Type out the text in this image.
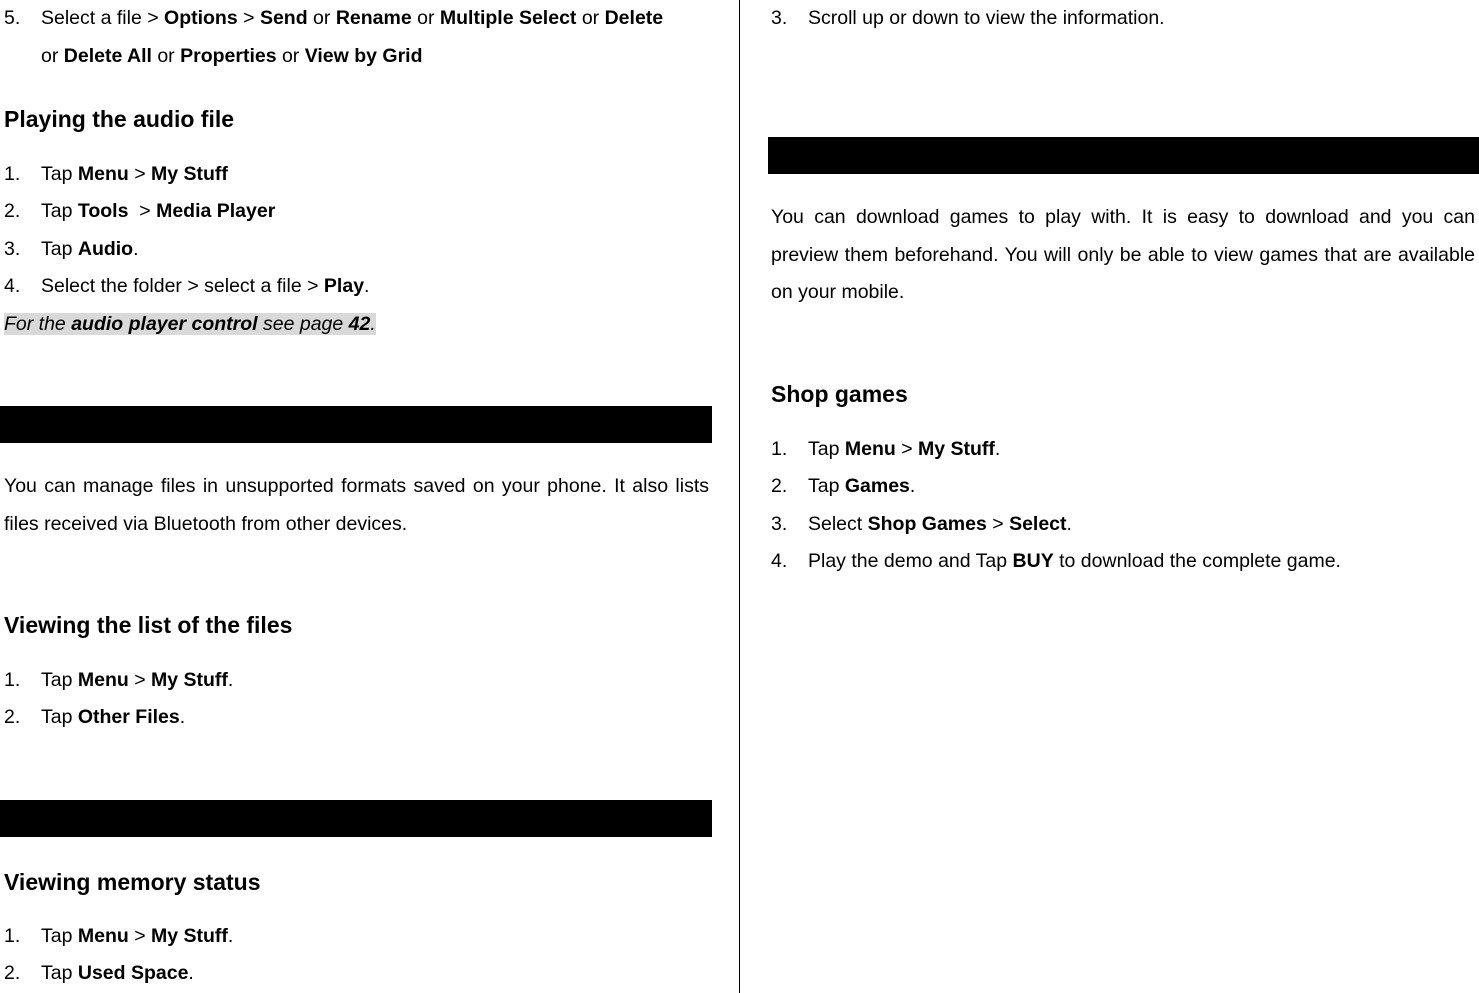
5. Select a file > Options > Send or Rename or Multiple Select or Delete
or Delete All or Properties or View by Grid
Playing the audio file
1. Tap Menu > My Stuff
2. Tap Tools  > Media Player
3. Tap Audio.
4. Select the folder > select a file > Play.
For the audio player control see page 42.
You can manage files in unsupported formats saved on your phone. It also lists files received via Bluetooth from other devices.
Viewing the list of the files
1. Tap Menu > My Stuff.
2. Tap Other Files.
Viewing memory status
1. Tap Menu > My Stuff.
2. Tap Used Space.
3. Scroll up or down to view the information.
You can download games to play with. It is easy to download and you can preview them beforehand. You will only be able to view games that are available on your mobile.
Shop games
1. Tap Menu > My Stuff.
2. Tap Games.
3. Select Shop Games > Select.
4. Play the demo and Tap BUY to download the complete game.
